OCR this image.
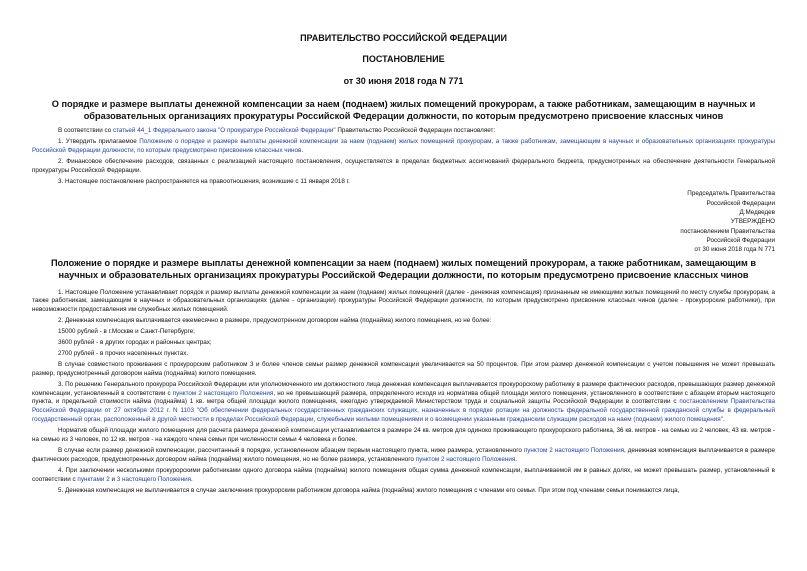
ПРАВИТЕЛЬСТВО РОССИЙСКОЙ ФЕДЕРАЦИИ
ПОСТАНОВЛЕНИЕ
от 30 июня 2018 года N 771
О порядке и размере выплаты денежной компенсации за наем (поднаем) жилых помещений прокурорам, а также работникам, замещающим в научных и образовательных организациях прокуратуры Российской Федерации должности, по которым предусмотрено присвоение классных чинов

В соответствии со статьей 44_1 Федерального закона "О прокуратуре Российской Федерации" Правительство Российской Федерации постановляет:

1. Утвердить прилагаемое Положение о порядке и размере выплаты денежной компенсации за наем (поднаем) жилых помещений прокурорам, а также работникам, замещающим в научных и образовательных организациях прокуратуры Российской Федерации должности, по которым предусмотрено присвоение классных чинов.

2. Финансовое обеспечение расходов, связанных с реализацией настоящего постановления, осуществляется в пределах бюджетных ассигнований федерального бюджета, предусмотренных на обеспечение деятельности Генеральной прокуратуры Российской Федерации.

3. Настоящее постановление распространяется на правоотношения, возникшие с 11 января 2018 г.

Председатель Правительства
Российской Федерации
Д.Медведев
УТВЕРЖДЕНО
постановлением Правительства
Российской Федерации
от 30 июня 2018 года N 771
Положение о порядке и размере выплаты денежной компенсации за наем (поднаем) жилых помещений прокурорам, а также работникам, замещающим в научных и образовательных организациях прокуратуры Российской Федерации должности, по которым предусмотрено присвоение классных чинов

1. Настоящее Положение устанавливает порядок и размер выплаты денежной компенсации за наем (поднаем) жилых помещений (далее - денежная компенсация) признанным не имеющими жилых помещений по месту службы прокурорам, а также работникам, замещающим в научных и образовательных организациях (далее - организации) прокуратуры Российской Федерации должности, по которым предусмотрено присвоение классных чинов (далее - прокурорские работники), при невозможности предоставления им служебных жилых помещений.

2. Денежная компенсация выплачивается ежемесячно в размере, предусмотренном договором найма (поднайма) жилого помещения, но не более:

15000 рублей - в г.Москве и Санкт-Петербурге;

3600 рублей - в других городах и районных центрах;

2700 рублей - в прочих населенных пунктах.

В случае совместного проживания с прокурорским работником 3 и более членов семьи размер денежной компенсации увеличивается на 50 процентов. При этом размер денежной компенсации с учетом повышения не может превышать размер, предусмотренный договором найма (поднайма) жилого помещения.

3. По решению Генерального прокурора Российской Федерации или уполномоченного им должностного лица денежная компенсация выплачивается прокурорскому работнику в размере фактических расходов, превышающих размер денежной компенсации, установленный в соответствии с пунктом 2 настоящего Положения, но не превышающий размера, определенного исходя из норматива общей площади жилого помещения, установленного в соответствии с абзацем вторым настоящего пункта, и предельной стоимости найма (поднайма) 1 кв. метра общей площади жилого помещения, ежегодно утверждаемой Министерством труда и социальной защиты Российской Федерации в соответствии с постановлением Правительства Российской Федерации от 27 октября 2012 г. N 1103 "Об обеспечении федеральных государственных гражданских служащих, назначенных в порядке ротации на должность федеральной государственной гражданской службы в федеральный государственный орган, расположенный в другой местности в пределах Российской Федерации, служебными жилыми помещениями и о возмещении указанным гражданским служащим расходов на наем (поднаем) жилого помещения".

Норматив общей площади жилого помещения для расчета размера денежной компенсации устанавливается в размере 24 кв. метров для одиноко проживающего прокурорского работника, 36 кв. метров - на семью из 2 человек, 43 кв. метров - на семью из 3 человек, по 12 кв. метров - на каждого члена семьи при численности семьи 4 человека и более.

В случае если размер денежной компенсации, рассчитанный в порядке, установленном абзацем первым настоящего пункта, ниже размера, установленного пунктом 2 настоящего Положения, денежная компенсация выплачивается в размере фактических расходов, предусмотренных договором найма (поднайма) жилого помещения, но не более размера, установленного пунктом 2 настоящего Положения.

4. При заключении несколькими прокурорскими работниками одного договора найма (поднайма) жилого помещения общая сумма денежной компенсации, выплачиваемой им в равных долях, не может превышать размер, установленный в соответствии с пунктами 2 и 3 настоящего Положения.

5. Денежная компенсация не выплачивается в случае заключения прокурорским работником договора найма (поднайма) жилого помещения с членами его семьи. При этом под членами семьи понимаются лица,
